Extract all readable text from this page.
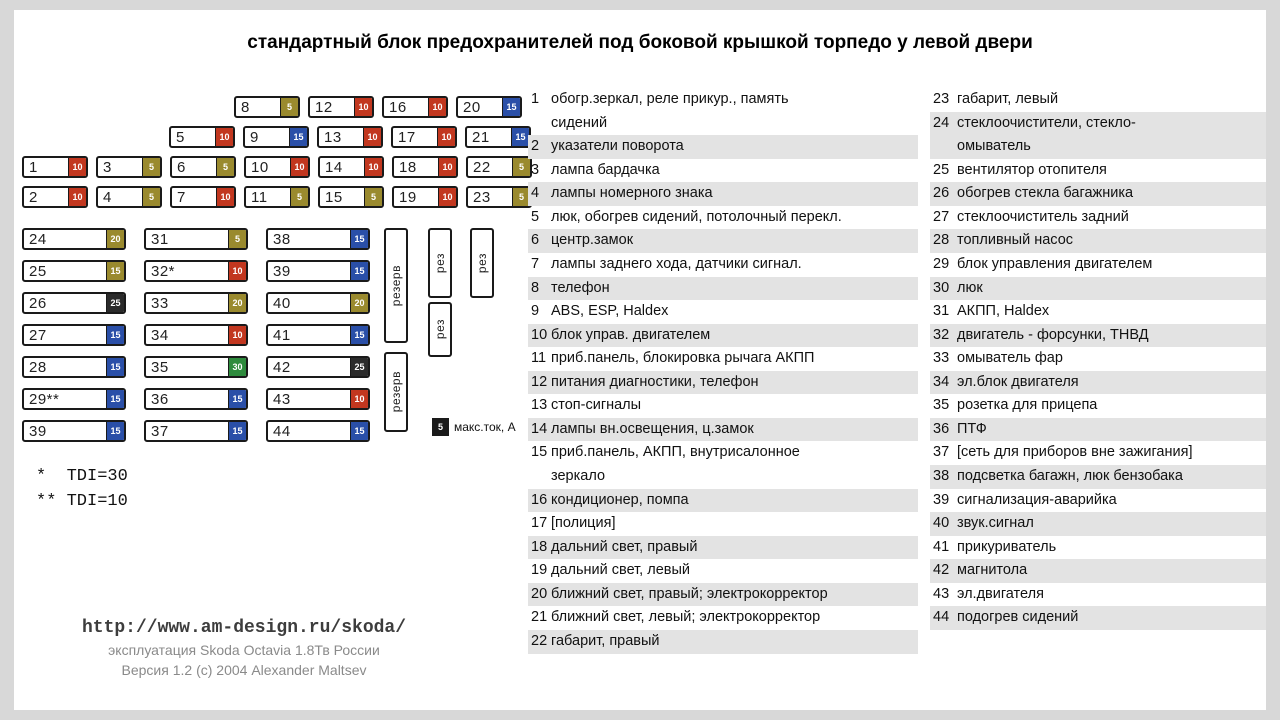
стандартный блок предохранителей под боковой крышкой торпедо у левой двери
8	5	12	10	16	10	20	15
5	10	9	15	13	10	17	10	21	15
1	10	3	5	6	5	10	10	14	10	18	10	22	5
2	10	4	5	7	10	11	5	15	5	19	10	23	5
24	20	31	5	38	15
25	15	32*	10	39	15
26	25	33	20	40	20
27	15	34	10	41	15
28	15	35	30	42	25
29**	15	36	15	43	10
39	15	37	15	44	15
резерв
резерв
рез
рез
рез
5 макс.ток, А
*  TDI=30
** TDI=10
http://www.am-design.ru/skoda/
эксплуатация Skoda Octavia 1.8Тв России
Версия 1.2 (c) 2004 Alexander Maltsev
1 обогр.зеркал, реле прикур., память
сидений
2 указатели поворота
3 лампа бардачка
4 лампы номерного знака
5 люк, обогрев сидений, потолочный перекл.
6 центр.замок
7 лампы заднего хода, датчики сигнал.
8 телефон
9 ABS, ESP, Haldex
10 блок управ. двигателем
11 приб.панель, блокировка рычага АКПП
12 питания диагностики, телефон
13 стоп-сигналы
14 лампы вн.освещения, ц.замок
15 приб.панель, АКПП, внутрисалонное
зеркало
16 кондиционер, помпа
17 [полиция]
18 дальний свет, правый
19 дальний свет, левый
20 ближний свет, правый; электрокорректор
21 ближний свет, левый; электрокорректор
22 габарит, правый
23 габарит, левый
24 стеклоочистители, стекло-
омыватель
25 вентилятор отопителя
26 обогрев стекла багажника
27 стеклоочиститель задний
28 топливный насос
29 блок управления двигателем
30 люк
31 АКПП, Haldex
32 двигатель - форсунки, ТНВД
33 омыватель фар
34 эл.блок двигателя
35 розетка для прицепа
36 ПТФ
37 [сеть для приборов вне зажигания]
38 подсветка багажн, люк бензобака
39 сигнализация-аварийка
40 звук.сигнал
41 прикуриватель
42 магнитола
43 эл.двигателя
44 подогрев сидений
